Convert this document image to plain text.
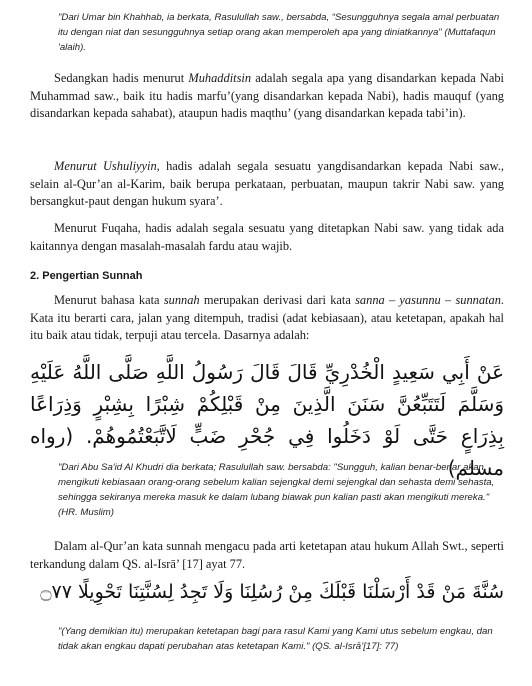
"Dari Umar bin Khahhab, ia berkata, Rasulullah saw., bersabda, “Sesungguhnya segala amal perbuatan itu dengan niat dan sesungguhnya setiap orang akan memperoleh apa yang diniatkannya" (Muttafaqun 'alaih).
Sedangkan hadis menurut Muhadditsin adalah segala apa yang disandarkan kepada Nabi Muhammad saw., baik itu hadis marfu’(yang disandarkan kepada Nabi), hadis mauquf (yang disandarkan kepada sahabat), ataupun hadis maqthu’ (yang disandarkan kepada tabi’in).
Menurut Ushuliyyin, hadis adalah segala sesuatu yangdisandarkan kepada Nabi saw., selain al-Qur’an al-Karim, baik berupa perkataan, perbuatan, maupun takrir Nabi saw. yang bersangkut-paut dengan hukum syara’.
Menurut Fuqaha, hadis adalah segala sesuatu yang ditetapkan Nabi saw. yang tidak ada kaitannya dengan masalah-masalah fardu atau wajib.
2. Pengertian Sunnah
Menurut bahasa kata sunnah merupakan derivasi dari kata sanna – yasunnu – sunnatan. Kata itu berarti cara, jalan yang ditempuh, tradisi (adat kebiasaan), atau ketetapan, apakah hal itu baik atau tidak, terpuji atau tercela. Dasarnya adalah:
عَنْ أَبِي سَعِيدٍ الْخُدْرِيِّ قَالَ قَالَ رَسُولُ اللَّهِ صَلَّى اللَّهُ عَلَيْهِ وَسَلَّمَ لَتَتَبِّعُنَّ سَنَنَ الَّذِينَ مِنْ قَبْلِكُمْ شِبْرًا بِشِبْرٍ وَذِرَاعًا بِذِرَاعٍ حَتَّى لَوْ دَخَلُوا فِي جُحْرِ ضَبٍّ لَاتَّبَعْتُمُوهُمْ. (رواه مسلم)
"Dari Abu Sa'id Al Khudri dia berkata; Rasulullah saw. bersabda: "Sungguh, kalian benar-benar akan mengikuti kebiasaan orang-orang sebelum kalian sejengkal demi sejengkal dan sehasta demi sehasta, sehingga sekiranya mereka masuk ke dalam lubang biawak pun kalian pasti akan mengikuti mereka." (HR. Muslim)
Dalam al-Qur’an kata sunnah mengacu pada arti ketetapan atau hukum Allah Swt., seperti terkandung dalam QS. al-Isrā’ [17] ayat 77.
سُنَّةَ مَنْ قَدْ أَرْسَلْنَا قَبْلَكَ مِنْ رُسُلِنَا وَلَا تَجِدُ لِسُنَّتِنَا تَحْوِيلًا ۝٧٧
"(Yang demikian itu) merupakan ketetapan bagi para rasul Kami yang Kami utus sebelum engkau, dan tidak akan engkau dapati perubahan atas ketetapan Kami." (QS. al-Isrā’[17]: 77)
